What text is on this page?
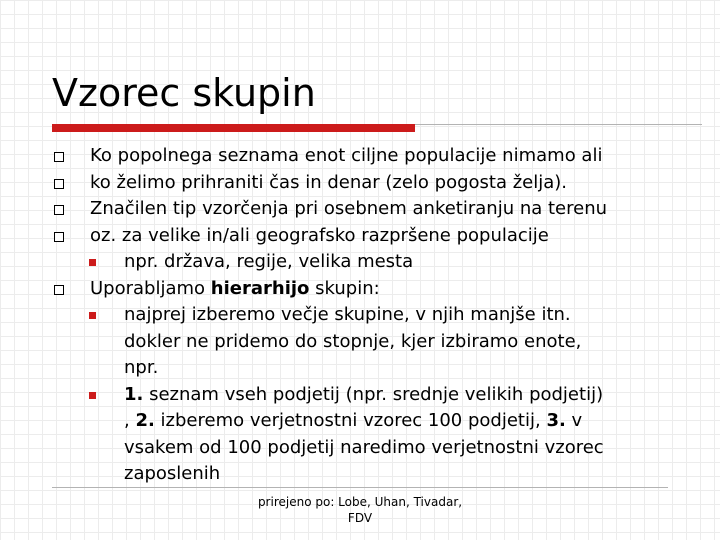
Vzorec skupin
Ko popolnega seznama enot ciljne populacije nimamo ali
ko želimo prihraniti čas in denar (zelo pogosta želja).
Značilen tip vzorčenja pri osebnem anketiranju na terenu
oz. za velike in/ali geografsko razpršene populacije
npr. država, regije, velika mesta
Uporabljamo hierarhijo skupin:
najprej izberemo večje skupine, v njih manjše itn.
dokler ne pridemo do stopnje, kjer izbiramo enote,
npr.
1. seznam vseh podjetij (npr. srednje velikih podjetij)
, 2. izberemo verjetnostni vzorec 100 podjetij, 3. v
vsakem od 100 podjetij naredimo verjetnostni vzorec
zaposlenih
prirejeno po: Lobe, Uhan, Tivadar,
FDV
